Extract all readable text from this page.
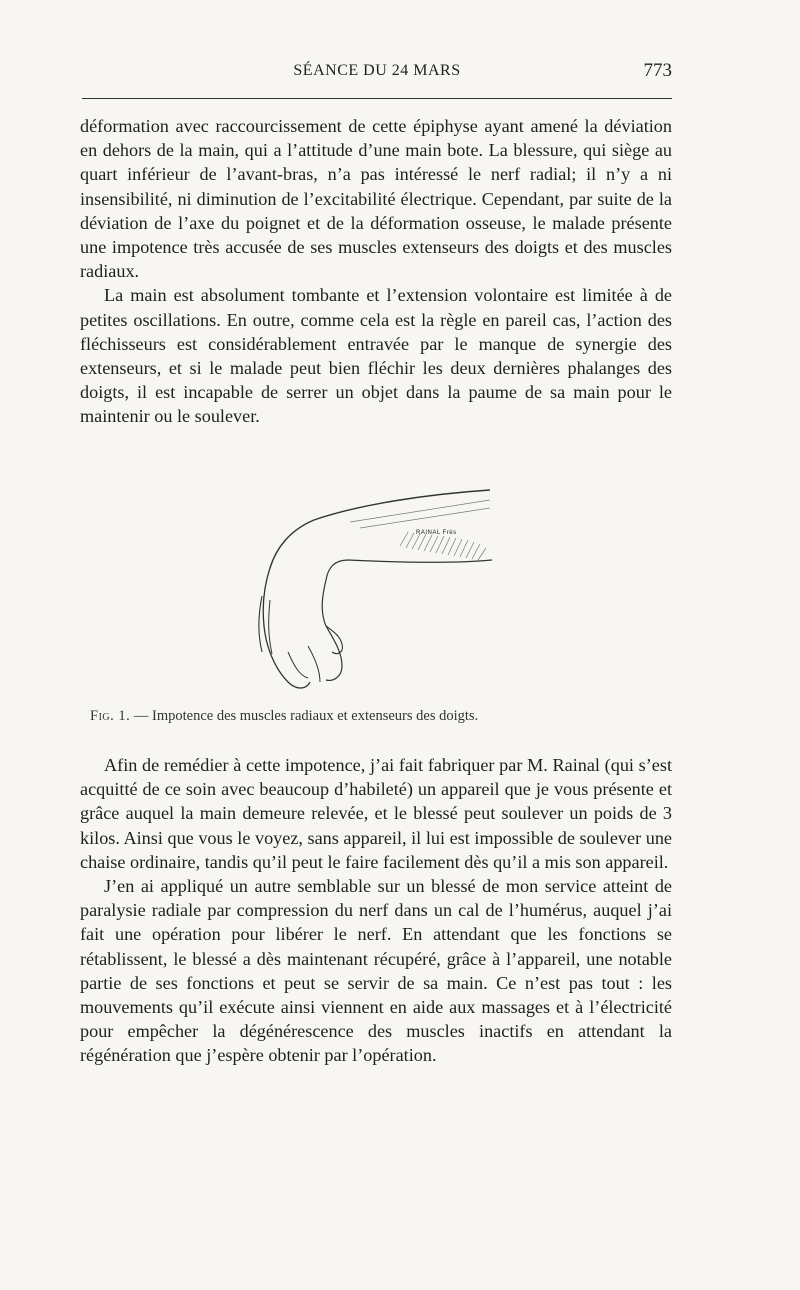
SÉANCE DU 24 MARS	773

déformation avec raccourcissement de cette épiphyse ayant amené la déviation en dehors de la main, qui a l’attitude d’une main bote. La blessure, qui siège au quart inférieur de l’avant-bras, n’a pas intéressé le nerf radial; il n’y a ni insensibilité, ni diminution de l’excitabilité électrique. Cependant, par suite de la déviation de l’axe du poignet et de la déformation osseuse, le malade présente une impotence très accusée de ses muscles extenseurs des doigts et des muscles radiaux.

La main est absolument tombante et l’extension volontaire est limitée à de petites oscillations. En outre, comme cela est la règle en pareil cas, l’action des fléchisseurs est considérablement entravée par le manque de synergie des extenseurs, et si le malade peut bien fléchir les deux dernières phalanges des doigts, il est incapable de serrer un objet dans la paume de sa main pour le maintenir ou le soulever.

RAINAL Frès
Fig. 1. — Impotence des muscles radiaux et extenseurs des doigts.

Afin de remédier à cette impotence, j’ai fait fabriquer par M. Rainal (qui s’est acquitté de ce soin avec beaucoup d’habileté) un appareil que je vous présente et grâce auquel la main demeure relevée, et le blessé peut soulever un poids de 3 kilos. Ainsi que vous le voyez, sans appareil, il lui est impossible de soulever une chaise ordinaire, tandis qu’il peut le faire facilement dès qu’il a mis son appareil.

J’en ai appliqué un autre semblable sur un blessé de mon service atteint de paralysie radiale par compression du nerf dans un cal de l’humérus, auquel j’ai fait une opération pour libérer le nerf. En attendant que les fonctions se rétablissent, le blessé a dès maintenant récupéré, grâce à l’appareil, une notable partie de ses fonctions et peut se servir de sa main. Ce n’est pas tout : les mouvements qu’il exécute ainsi viennent en aide aux massages et à l’électricité pour empêcher la dégénérescence des muscles inactifs en attendant la régénération que j’espère obtenir par l’opération.
